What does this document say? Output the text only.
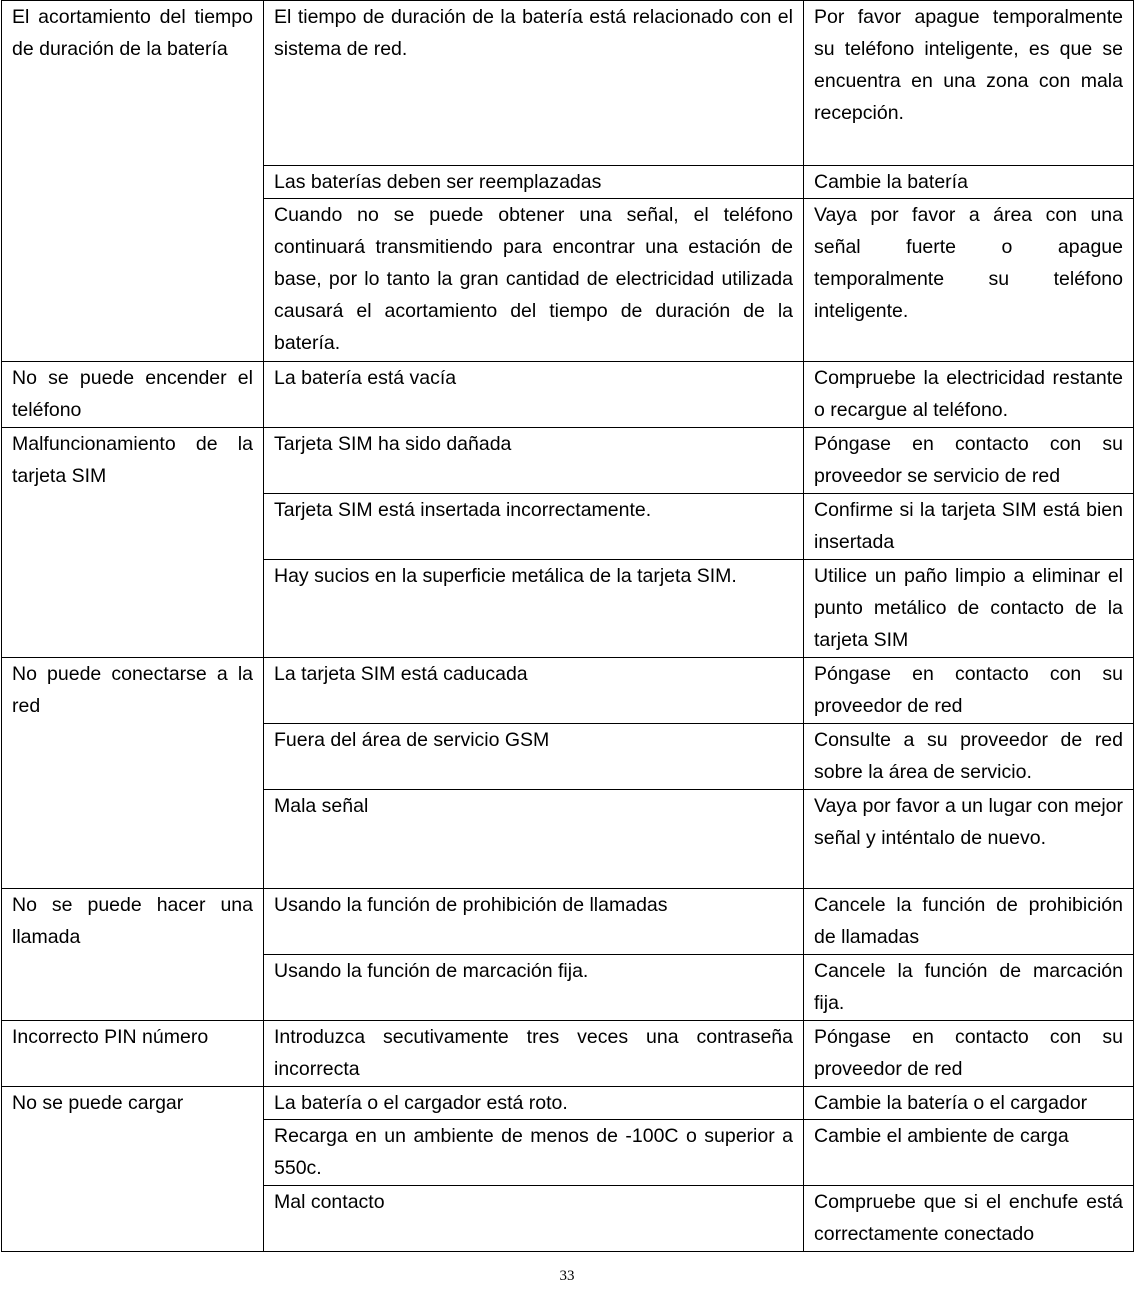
El acortamiento del tiempo de duración de la batería	El tiempo de duración de la batería está relacionado con el sistema de red.	Por favor apague temporalmente su teléfono inteligente, es que se encuentra en una zona con mala recepción.
	Las baterías deben ser reemplazadas	Cambie la batería
	Cuando no se puede obtener una señal, el teléfono continuará transmitiendo para encontrar una estación de base, por lo tanto la gran cantidad de electricidad utilizada causará el acortamiento del tiempo de duración de la batería.	Vaya por favor a área con una señal fuerte o apague temporalmente su teléfono inteligente.
No se puede encender el teléfono	La batería está vacía	Compruebe la electricidad restante o recargue al teléfono.
Malfuncionamiento de la tarjeta SIM	Tarjeta SIM ha sido dañada	Póngase en contacto con su proveedor se servicio de red
	Tarjeta SIM está insertada incorrectamente.	Confirme si la tarjeta SIM está bien insertada
	Hay sucios en la superficie metálica de la tarjeta SIM.	Utilice un paño limpio a eliminar el punto metálico de contacto de la tarjeta SIM
No puede conectarse a la red	La tarjeta SIM está caducada	Póngase en contacto con su proveedor de red
	Fuera del área de servicio GSM	Consulte a su proveedor de red sobre la área de servicio.
	Mala señal	Vaya por favor a un lugar con mejor señal y inténtalo de nuevo.
No se puede hacer una llamada	Usando la función de prohibición de llamadas	Cancele la función de prohibición de llamadas
	Usando la función de marcación fija.	Cancele la función de marcación fija.
Incorrecto PIN número	Introduzca secutivamente tres veces una contraseña incorrecta	Póngase en contacto con su proveedor de red
No se puede cargar	La batería o el cargador está roto.	Cambie la batería o el cargador
	Recarga en un ambiente de menos de -100C o superior a 550c.	Cambie el ambiente de carga
	Mal contacto	Compruebe que si el enchufe está correctamente conectado
33
